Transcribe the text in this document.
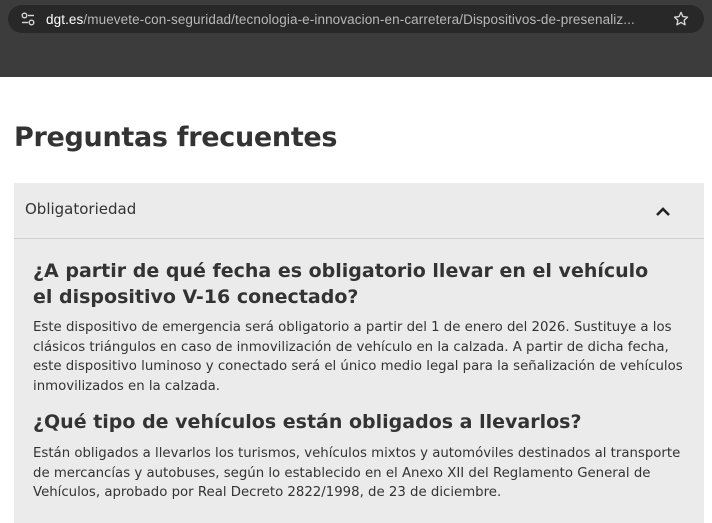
dgt.es/muevete-con-seguridad/tecnologia-e-innovacion-en-carretera/Dispositivos-de-presenaliz...
Preguntas frecuentes
Obligatoriedad
¿A partir de qué fecha es obligatorio llevar en el vehículo el dispositivo V-16 conectado?

Este dispositivo de emergencia será obligatorio a partir del 1 de enero del 2026. Sustituye a los clásicos triángulos en caso de inmovilización de vehículo en la calzada. A partir de dicha fecha, este dispositivo luminoso y conectado será el único medio legal para la señalización de vehículos inmovilizados en la calzada.

¿Qué tipo de vehículos están obligados a llevarlos?

Están obligados a llevarlos los turismos, vehículos mixtos y automóviles destinados al transporte de mercancías y autobuses, según lo establecido en el Anexo XII del Reglamento General de Vehículos, aprobado por Real Decreto 2822/1998, de 23 de diciembre.
